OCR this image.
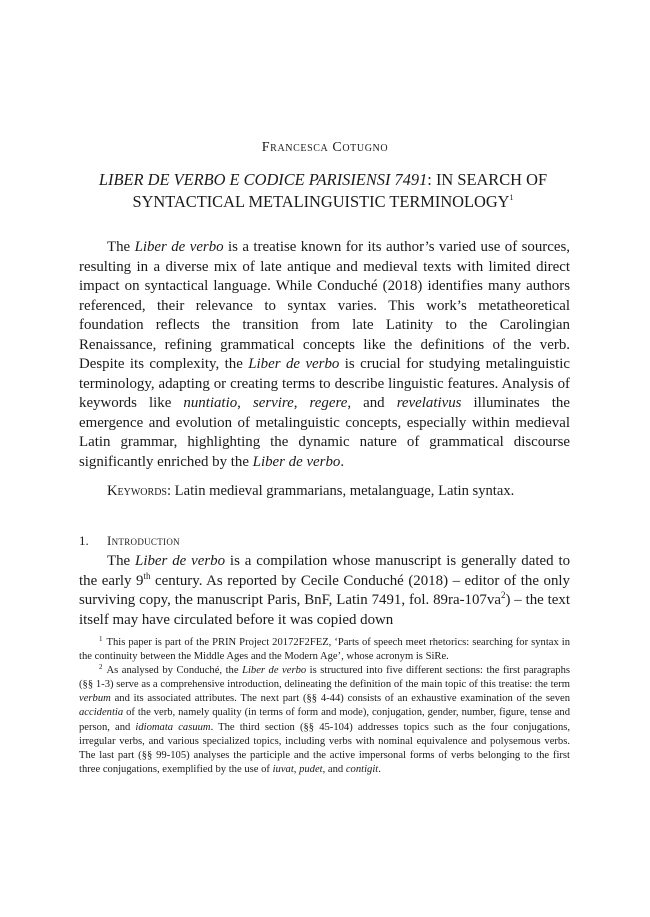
Francesca Cotugno
LIBER DE VERBO E CODICE PARISIENSI 7491: IN SEARCH OF SYNTACTICAL METALINGUISTIC TERMINOLOGY$^1$

The Liber de verbo is a treatise known for its author’s varied use of sources, resulting in a diverse mix of late antique and medieval texts with limited direct impact on syntactical language. While Conduché (2018) identifies many authors referenced, their relevance to syntax varies. This work’s metatheoretical foundation reflects the transition from late Latinity to the Carolingian Renaissance, refining grammatical concepts like the definitions of the verb. Despite its complexity, the Liber de verbo is crucial for studying metalinguistic terminology, adapting or creating terms to describe linguistic features. Analysis of keywords like nuntiatio, servire, regere, and revelativus illuminates the emergence and evolution of metalinguistic concepts, especially within medieval Latin grammar, highlighting the dynamic nature of grammatical discourse significantly enriched by the Liber de verbo.

Keywords: Latin medieval grammarians, metalanguage, Latin syntax.
1. Introduction

The Liber de verbo is a compilation whose manuscript is generally dated to the early 9th century. As reported by Cecile Conduché (2018) – editor of the only surviving copy, the manuscript Paris, BnF, Latin 7491, fol. 89ra-107va$^2$) – the text itself may have circulated before it was copied down

$^1$ This paper is part of the PRIN Project 20172F2FEZ, ‘Parts of speech meet rhetorics: searching for syntax in the continuity between the Middle Ages and the Modern Age’, whose acronym is SiRe.

$^2$ As analysed by Conduché, the Liber de verbo is structured into five different sections: the first paragraphs (§§ 1-3) serve as a comprehensive introduction, delineating the definition of the main topic of this treatise: the term verbum and its associated attributes. The next part (§§ 4-44) consists of an exhaustive examination of the seven accidentia of the verb, namely quality (in terms of form and mode), conjugation, gender, number, figure, tense and person, and idiomata casuum. The third section (§§ 45-104) addresses topics such as the four conjugations, irregular verbs, and various specialized topics, including verbs with nominal equivalence and polysemous verbs. The last part (§§ 99-105) analyses the participle and the active impersonal forms of verbs belonging to the first three conjugations, exemplified by the use of iuvat, pudet, and contigit.
